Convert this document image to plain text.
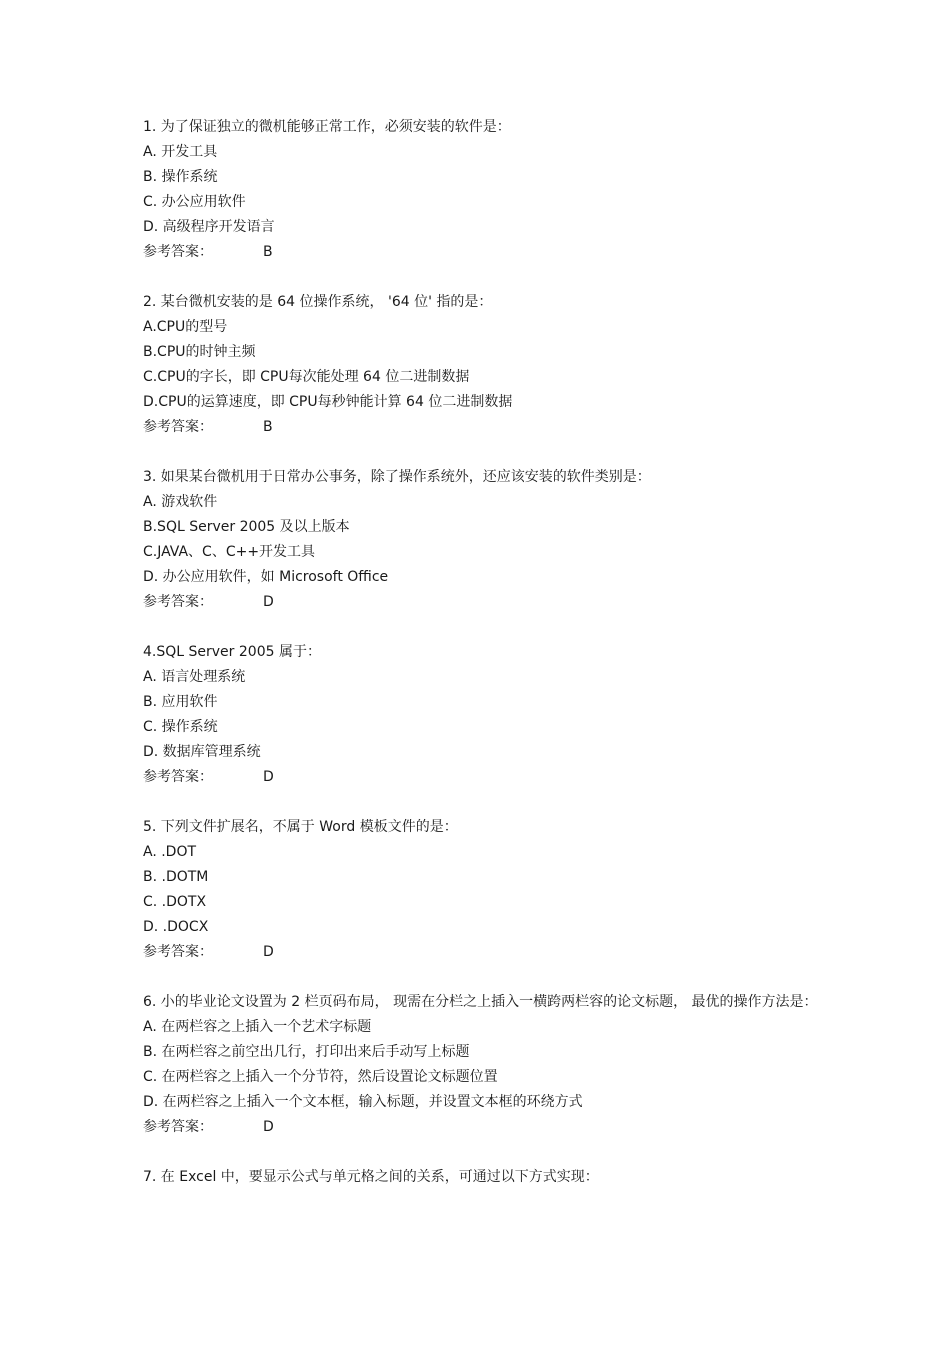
1. 为了保证独立的微机能够正常工作，必须安装的软件是：
A. 开发工具
B. 操作系统
C. 办公应用软件
D. 高级程序开发语言
参考答案：	B
2. 某台微机安装的是 64 位操作系统， '64 位' 指的是：
A.CPU的型号
B.CPU的时钟主频
C.CPU的字长，即 CPU每次能处理 64 位二进制数据
D.CPU的运算速度，即 CPU每秒钟能计算 64 位二进制数据
参考答案：	B
3. 如果某台微机用于日常办公事务，除了操作系统外，还应该安装的软件类别是：
A. 游戏软件
B.SQL Server 2005 及以上版本
C.JAVA、C、C++开发工具
D. 办公应用软件，如 Microsoft Office
参考答案：	D
4.SQL Server 2005 属于：
A. 语言处理系统
B. 应用软件
C. 操作系统
D. 数据库管理系统
参考答案：	D
5. 下列文件扩展名，不属于 Word 模板文件的是：
A. .DOT
B. .DOTM
C. .DOTX
D. .DOCX
参考答案：	D
6. 小的毕业论文设置为 2 栏页码布局， 现需在分栏之上插入一横跨两栏容的论文标题， 最优的操作方法是：
A. 在两栏容之上插入一个艺术字标题
B. 在两栏容之前空出几行，打印出来后手动写上标题
C. 在两栏容之上插入一个分节符，然后设置论文标题位置
D. 在两栏容之上插入一个文本框，输入标题，并设置文本框的环绕方式
参考答案：	D
7. 在 Excel 中，要显示公式与单元格之间的关系，可通过以下方式实现：
